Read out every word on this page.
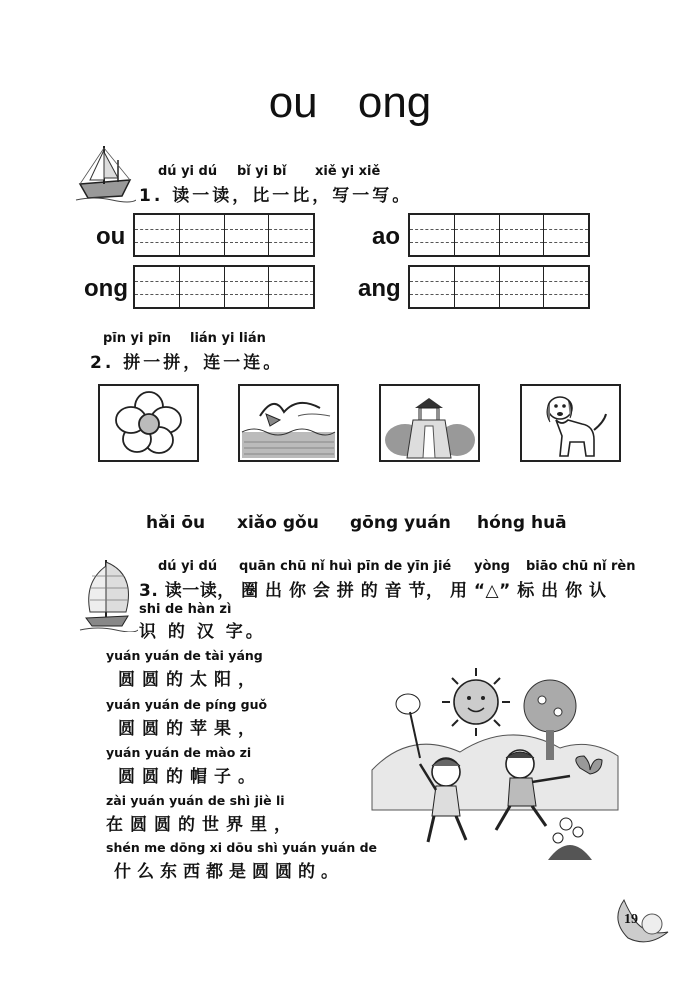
ou ong
dú yi dú bǐ yi bǐ xiě yi xiě
1. 读一读，比一比，写一写。
ou	ao
ong	ang
pīn yi pīn lián yi lián
2. 拼一拼，连一连。
hǎi ōu xiǎo gǒu gōng yuán hóng huā
dú yi dú quān chū nǐ huì pīn de yīn jié yòng biāo chū nǐ rèn
3. 读一读， 圈 出 你 会 拼 的 音 节， 用 “△” 标 出 你 认
shi de hàn zì
识 的 汉 字。
yuán yuán de tài yáng
圆圆的太阳，
yuán yuán de píng guǒ
圆圆的苹果，
yuán yuán de mào zi
圆圆的帽子。
zài yuán yuán de shì jiè li
在圆圆的世界里，
shén me dōng xi dōu shì yuán yuán de
什么东西都是圆圆的。
19
